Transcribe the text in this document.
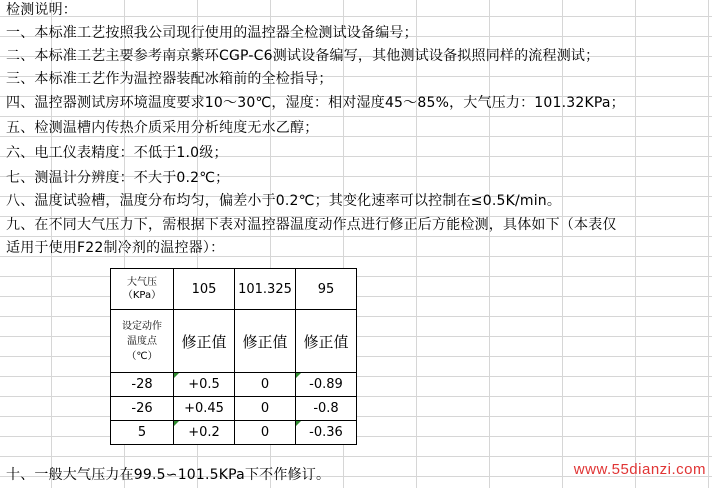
检测说明：
一、本标准工艺按照我公司现行使用的温控器全检测试设备编号；
二、本标准工艺主要参考南京紫环CGP-C6测试设备编写，其他测试设备拟照同样的流程测试；
三、本标准工艺作为温控器装配冰箱前的全检指导；
四、温控器测试房环境温度要求10～30℃，湿度：相对湿度45～85%，大气压力：101.32KPa；
五、检测温槽内传热介质采用分析纯度无水乙醇；
六、电工仪表精度：不低于1.0级；
七、测温计分辨度：不大于0.2℃；
八、温度试验槽，温度分布均匀，偏差小于0.2℃；其变化速率可以控制在≤0.5K/min。
九、在不同大气压力下，需根据下表对温控器温度动作点进行修正后方能检测，具体如下（本表仅
适用于使用F22制冷剂的温控器）：
大气压
（KPa）	105	101.325	95

设定动作
温度点
（℃）	修正值	修正值	修正值
-28	+0.5	0	-0.89
-26	+0.45	0	-0.8
5	+0.2	0	-0.36
十、一般大气压力在99.5∽101.5KPa下不作修订。	www.55dianzi.com
